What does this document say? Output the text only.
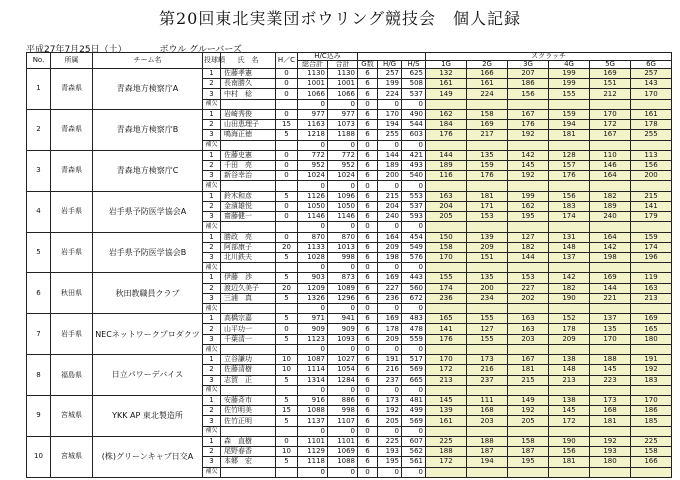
第20回東北実業団ボウリング競技会　個人記録
平成27年7月25日（土）	ボウル グルーバーズ
No.	所属	チーム名	投球順	氏　名	H／C	H/C込み					スクラッチ					
						総合計	合計	G数	H/G	H/S	1G	2G	3G	4G	5G	6G
1	青森県	青森地方検察庁A	1	佐藤孝憲	0	1130	1130	6	257	625	132	166	207	199	169	257
			2	長南勝久	0	1001	1001	6	199	508	161	161	186	199	151	143
			3	中村　稔	0	1066	1066	6	224	537	149	224	156	155	212	170
			補欠			0	0	0	0	0						
2	青森県	青森地方検察庁B	1	岩崎秀俊	0	977	977	6	170	490	162	158	167	159	170	161
			2	山田恵理子	15	1163	1073	6	194	544	184	169	176	194	172	178
			3	鳴海正徳	5	1218	1188	6	255	603	176	217	192	181	167	255
			補欠			0	0	0	0	0						
3	青森県	青森地方検察庁C	1	佐藤史憲	0	772	772	6	144	421	144	135	142	128	110	113
			2	千田　亮	0	952	952	6	189	493	189	159	145	157	146	156
			3	新谷幸治	0	1024	1024	6	200	540	116	176	192	176	164	200
			補欠			0	0	0	0	0						
4	岩手県	岩手県予防医学協会A	1	鈴木和彦	5	1126	1096	6	215	553	163	181	199	156	182	215
			2	金濱雄悦	0	1050	1050	6	204	537	204	171	162	183	189	141
			3	齋藤健一	0	1146	1146	6	240	593	205	153	195	174	240	179
			補欠			0	0	0	0	0						
5	岩手県	岩手県予防医学協会B	1	勝政　亮	0	870	870	6	164	454	150	139	127	131	164	159
			2	阿部康子	20	1133	1013	6	209	549	158	209	182	148	142	174
			3	北川鉄夫	5	1028	998	6	198	576	170	151	144	137	198	196
			補欠			0	0	0	0	0						
6	秋田県	秋田教職員クラブ	1	伊藤　渉	5	903	873	6	169	443	155	135	153	142	169	119
			2	渡辺久美子	20	1209	1089	6	227	560	174	200	227	182	144	163
			3	三浦　真	5	1326	1296	6	236	672	236	234	202	190	221	213
			補欠			0	0	0	0	0						
7	岩手県	NECネットワークプロダクツ	1	高橋宗嘉	5	971	941	6	169	483	165	155	163	152	137	169
			2	山平功一	0	909	909	6	178	478	141	127	163	178	135	165
			3	千葉清一	5	1123	1093	6	209	559	176	155	203	209	170	180
			補欠			0	0	0	0	0						
8	福島県	日立パワーデバイス	1	立谷謙功	10	1087	1027	6	191	517	170	173	167	138	188	191
			2	佐藤清樹	10	1114	1054	6	216	569	172	216	181	148	145	192
			3	志賀　正	5	1314	1284	6	237	665	213	237	215	213	223	183
			補欠			0	0	0	0	0						
9	宮城県	YKK AP 東北製造所	1	安藤斉市	5	916	886	6	173	481	145	111	149	138	173	170
			2	佐竹明美	15	1088	998	6	192	499	139	168	192	145	168	186
			3	佐竹正明	5	1137	1107	6	205	569	161	203	205	172	181	185
			補欠			0	0	0	0	0						
10	宮城県	(株)グリーンキャブ日交A	1	森　直樹	0	1101	1101	6	225	607	225	188	158	190	192	225
			2	尾野春香	10	1129	1069	6	193	562	188	187	187	156	193	158
			3	本郷　宏	5	1118	1088	6	195	561	172	194	195	181	180	166
			補欠			0	0	0	0	0						
